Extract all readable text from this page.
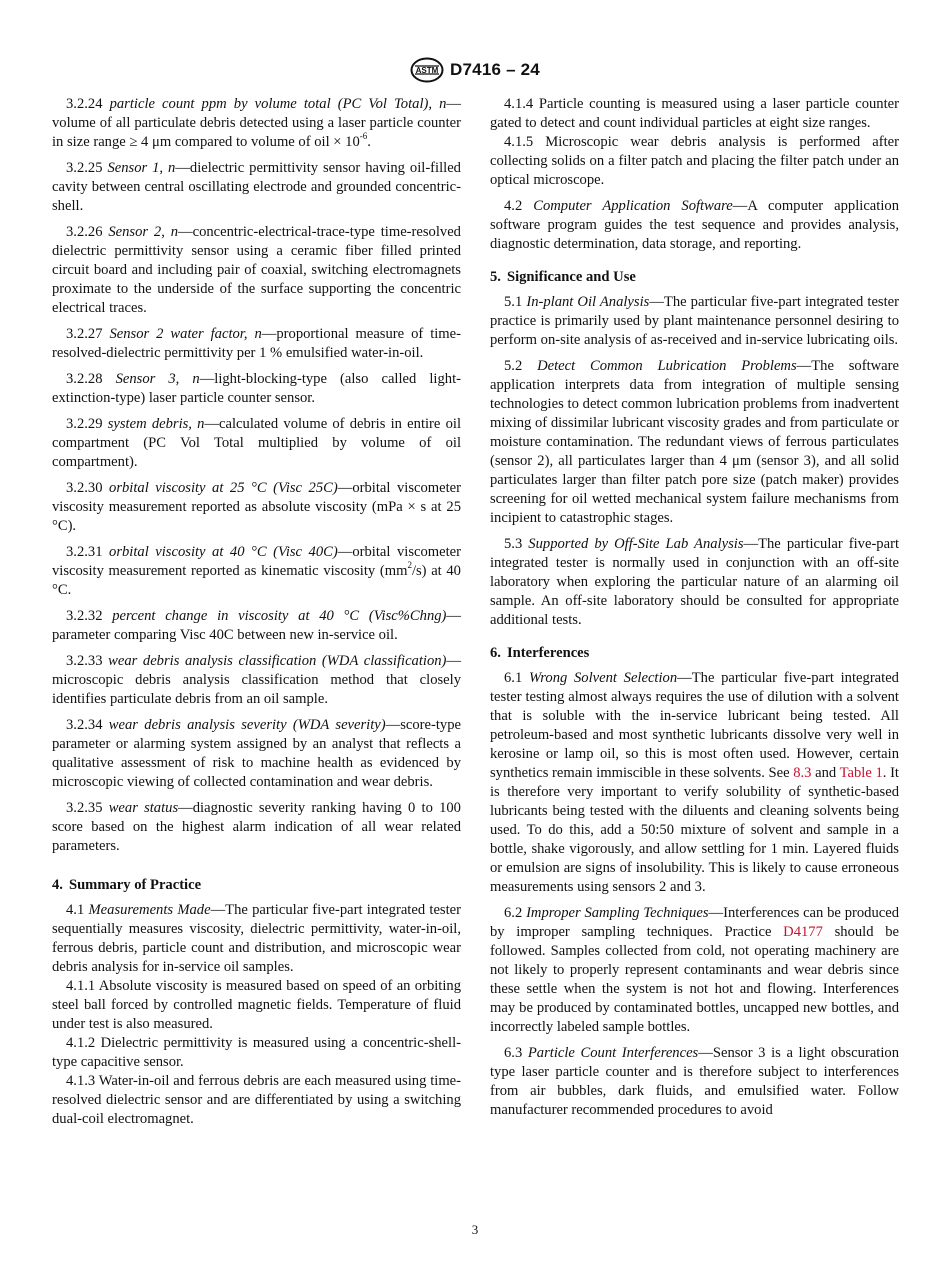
ASTM D7416 – 24

3.2.24 particle count ppm by volume total (PC Vol Total), n—volume of all particulate debris detected using a laser particle counter in size range ≥ 4 μm compared to volume of oil × $10^{-6}$.

3.2.25 Sensor 1, n—dielectric permittivity sensor having oil-filled cavity between central oscillating electrode and grounded concentric-shell.

3.2.26 Sensor 2, n—concentric-electrical-trace-type time-resolved dielectric permittivity sensor using a ceramic fiber filled printed circuit board and including pair of coaxial, switching electromagnets proximate to the underside of the surface supporting the concentric electrical traces.

3.2.27 Sensor 2 water factor, n—proportional measure of time-resolved-dielectric permittivity per 1 % emulsified water-in-oil.

3.2.28 Sensor 3, n—light-blocking-type (also called light-extinction-type) laser particle counter sensor.

3.2.29 system debris, n—calculated volume of debris in entire oil compartment (PC Vol Total multiplied by volume of oil compartment).

3.2.30 orbital viscosity at 25 °C (Visc 25C)—orbital viscometer viscosity measurement reported as absolute viscosity (mPa × s at 25 °C).

3.2.31 orbital viscosity at 40 °C (Visc 40C)—orbital viscometer viscosity measurement reported as kinematic viscosity $(mm^2/s)$ at 40 °C.

3.2.32 percent change in viscosity at 40 °C (Visc%Chng)—parameter comparing Visc 40C between new in-service oil.

3.2.33 wear debris analysis classification (WDA classification)—microscopic debris analysis classification method that closely identifies particulate debris from an oil sample.

3.2.34 wear debris analysis severity (WDA severity)—score-type parameter or alarming system assigned by an analyst that reflects a qualitative assessment of risk to machine health as evidenced by microscopic viewing of collected contamination and wear debris.

3.2.35 wear status—diagnostic severity ranking having 0 to 100 score based on the highest alarm indication of all wear related parameters.

4. Summary of Practice

4.1 Measurements Made—The particular five-part integrated tester sequentially measures viscosity, dielectric permittivity, water-in-oil, ferrous debris, particle count and distribution, and microscopic wear debris analysis for in-service oil samples.

4.1.1 Absolute viscosity is measured based on speed of an orbiting steel ball forced by controlled magnetic fields. Temperature of fluid under test is also measured.

4.1.2 Dielectric permittivity is measured using a concentric-shell-type capacitive sensor.

4.1.3 Water-in-oil and ferrous debris are each measured using time-resolved dielectric sensor and are differentiated by using a switching dual-coil electromagnet.

4.1.4 Particle counting is measured using a laser particle counter gated to detect and count individual particles at eight size ranges.

4.1.5 Microscopic wear debris analysis is performed after collecting solids on a filter patch and placing the filter patch under an optical microscope.

4.2 Computer Application Software—A computer application software program guides the test sequence and provides analysis, diagnostic determination, data storage, and reporting.

5. Significance and Use

5.1 In-plant Oil Analysis—The particular five-part integrated tester practice is primarily used by plant maintenance personnel desiring to perform on-site analysis of as-received and in-service lubricating oils.

5.2 Detect Common Lubrication Problems—The software application interprets data from integration of multiple sensing technologies to detect common lubrication problems from inadvertent mixing of dissimilar lubricant viscosity grades and from particulate or moisture contamination. The redundant views of ferrous particulates (sensor 2), all particulates larger than 4 μm (sensor 3), and all solid particulates larger than filter patch pore size (patch maker) provides screening for oil wetted mechanical system failure mechanisms from incipient to catastrophic stages.

5.3 Supported by Off-Site Lab Analysis—The particular five-part integrated tester is normally used in conjunction with an off-site laboratory when exploring the particular nature of an alarming oil sample. An off-site laboratory should be consulted for appropriate additional tests.

6. Interferences

6.1 Wrong Solvent Selection—The particular five-part integrated tester testing almost always requires the use of dilution with a solvent that is soluble with the in-service lubricant being tested. All petroleum-based and most synthetic lubricants dissolve very well in kerosine or lamp oil, so this is most often used. However, certain synthetics remain immiscible in these solvents. See 8.3 and Table 1. It is therefore very important to verify solubility of synthetic-based lubricants being tested with the diluents and cleaning solvents being used. To do this, add a 50:50 mixture of solvent and sample in a bottle, shake vigorously, and allow settling for 1 min. Layered fluids or emulsion are signs of insolubility. This is likely to cause erroneous measurements using sensors 2 and 3.

6.2 Improper Sampling Techniques—Interferences can be produced by improper sampling techniques. Practice D4177 should be followed. Samples collected from cold, not operating machinery are not likely to properly represent contaminants and wear debris since these settle when the system is not hot and flowing. Interferences may be produced by contaminated bottles, uncapped new bottles, and incorrectly labeled sample bottles.

6.3 Particle Count Interferences—Sensor 3 is a light obscuration type laser particle counter and is therefore subject to interferences from air bubbles, dark fluids, and emulsified water. Follow manufacturer recommended procedures to avoid

3
